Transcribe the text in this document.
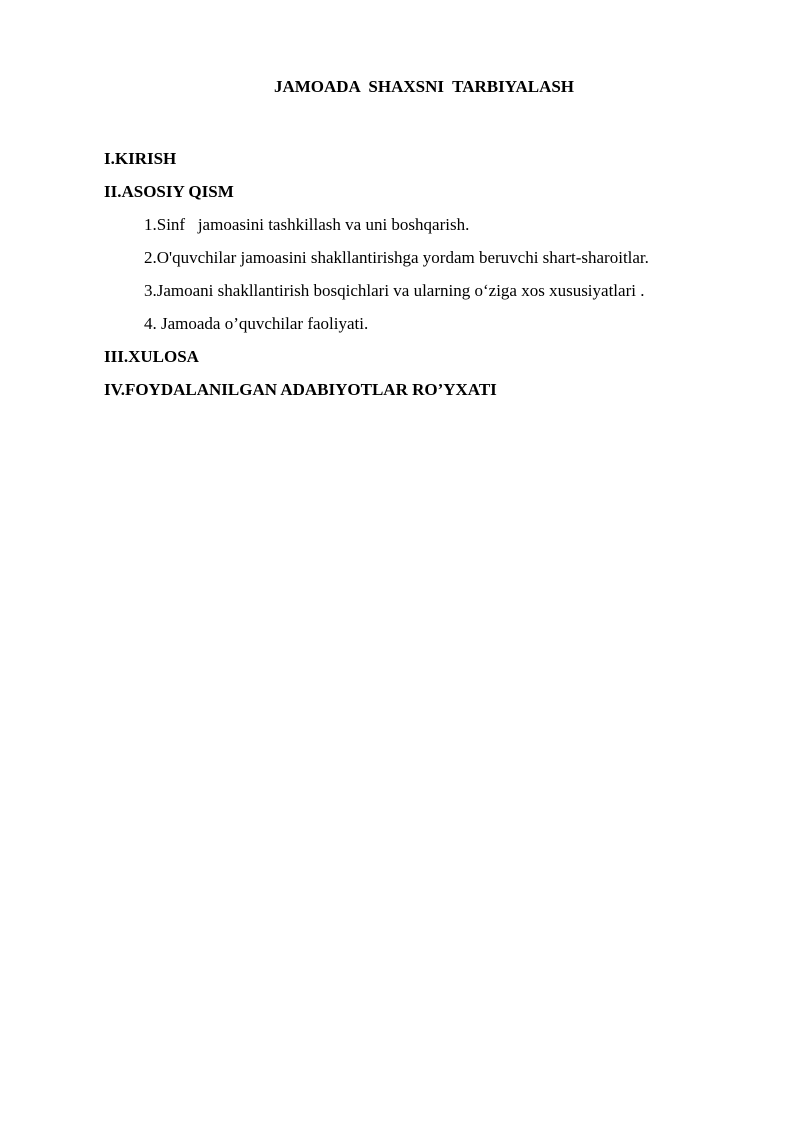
JAMOADA  SHAXSNI  TARBIYALASH
I.KIRISH
II.ASOSIY QISM
1.Sinf   jamoasini tashkillash va uni boshqarish.
2.O'quvchilar jamoasini shakllantirishga yordam beruvchi shart-sharoitlar.
3.Jamoani shakllantirish bosqichlari va ularning o‘ziga xos xususiyatlari .
4. Jamoada o’quvchilar faoliyati.
III.XULOSA
IV.FOYDALANILGAN ADABIYOTLAR RO’YXATI
